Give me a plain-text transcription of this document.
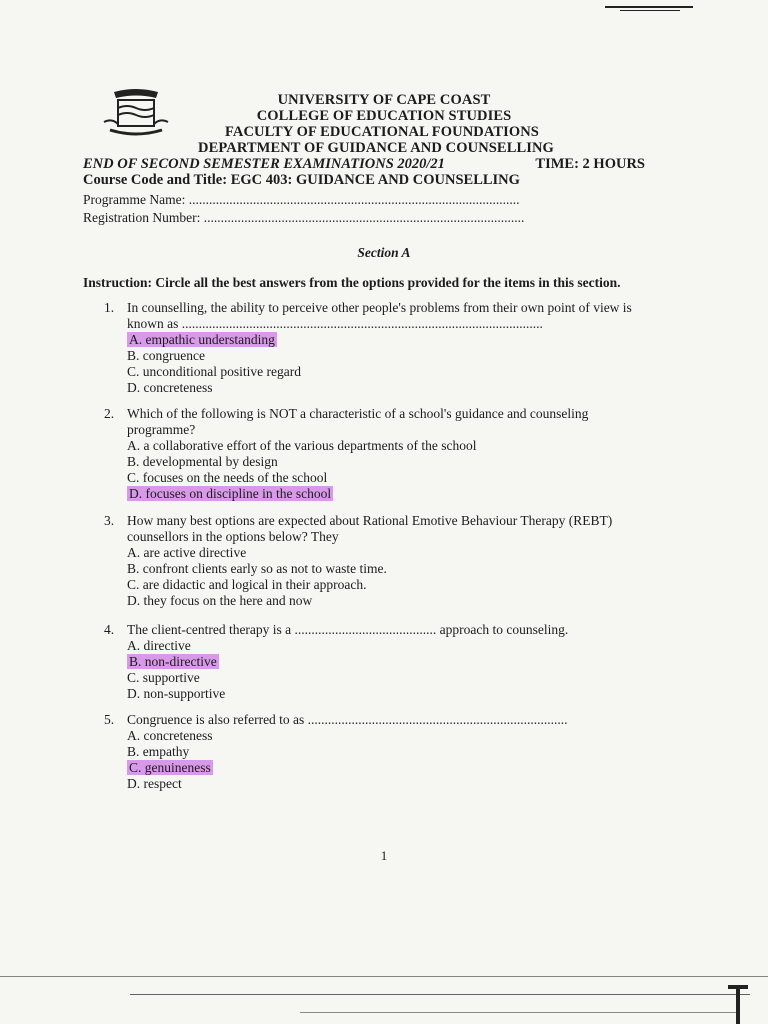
UNIVERSITY OF CAPE COAST
COLLEGE OF EDUCATION STUDIES
FACULTY OF EDUCATIONAL FOUNDATIONS
DEPARTMENT OF GUIDANCE AND COUNSELLING
END OF SECOND SEMESTER EXAMINATIONS 2020/21	TIME: 2 HOURS
Course Code and Title: EGC 403: GUIDANCE AND COUNSELLING
Programme Name: ..................................................................................................
Registration Number: ...............................................................................................
Section A
Instruction: Circle all the best answers from the options provided for the items in this section.
1. In counselling, the ability to perceive other people's problems from their own point of view is
known as ...........................................................................................................
A. empathic understanding
B. congruence
C. unconditional positive regard
D. concreteness
2. Which of the following is NOT a characteristic of a school's guidance and counseling
programme?
A. a collaborative effort of the various departments of the school
B. developmental by design
C. focuses on the needs of the school
D. focuses on discipline in the school
3. How many best options are expected about Rational Emotive Behaviour Therapy (REBT)
counsellors in the options below? They
A. are active directive
B. confront clients early so as not to waste time.
C. are didactic and logical in their approach.
D. they focus on the here and now
4. The client-centred therapy is a .......................................... approach to counseling.
A. directive
B. non-directive
C. supportive
D. non-supportive
5. Congruence is also referred to as .............................................................................
A. concreteness
B. empathy
C. genuineness
D. respect
1
